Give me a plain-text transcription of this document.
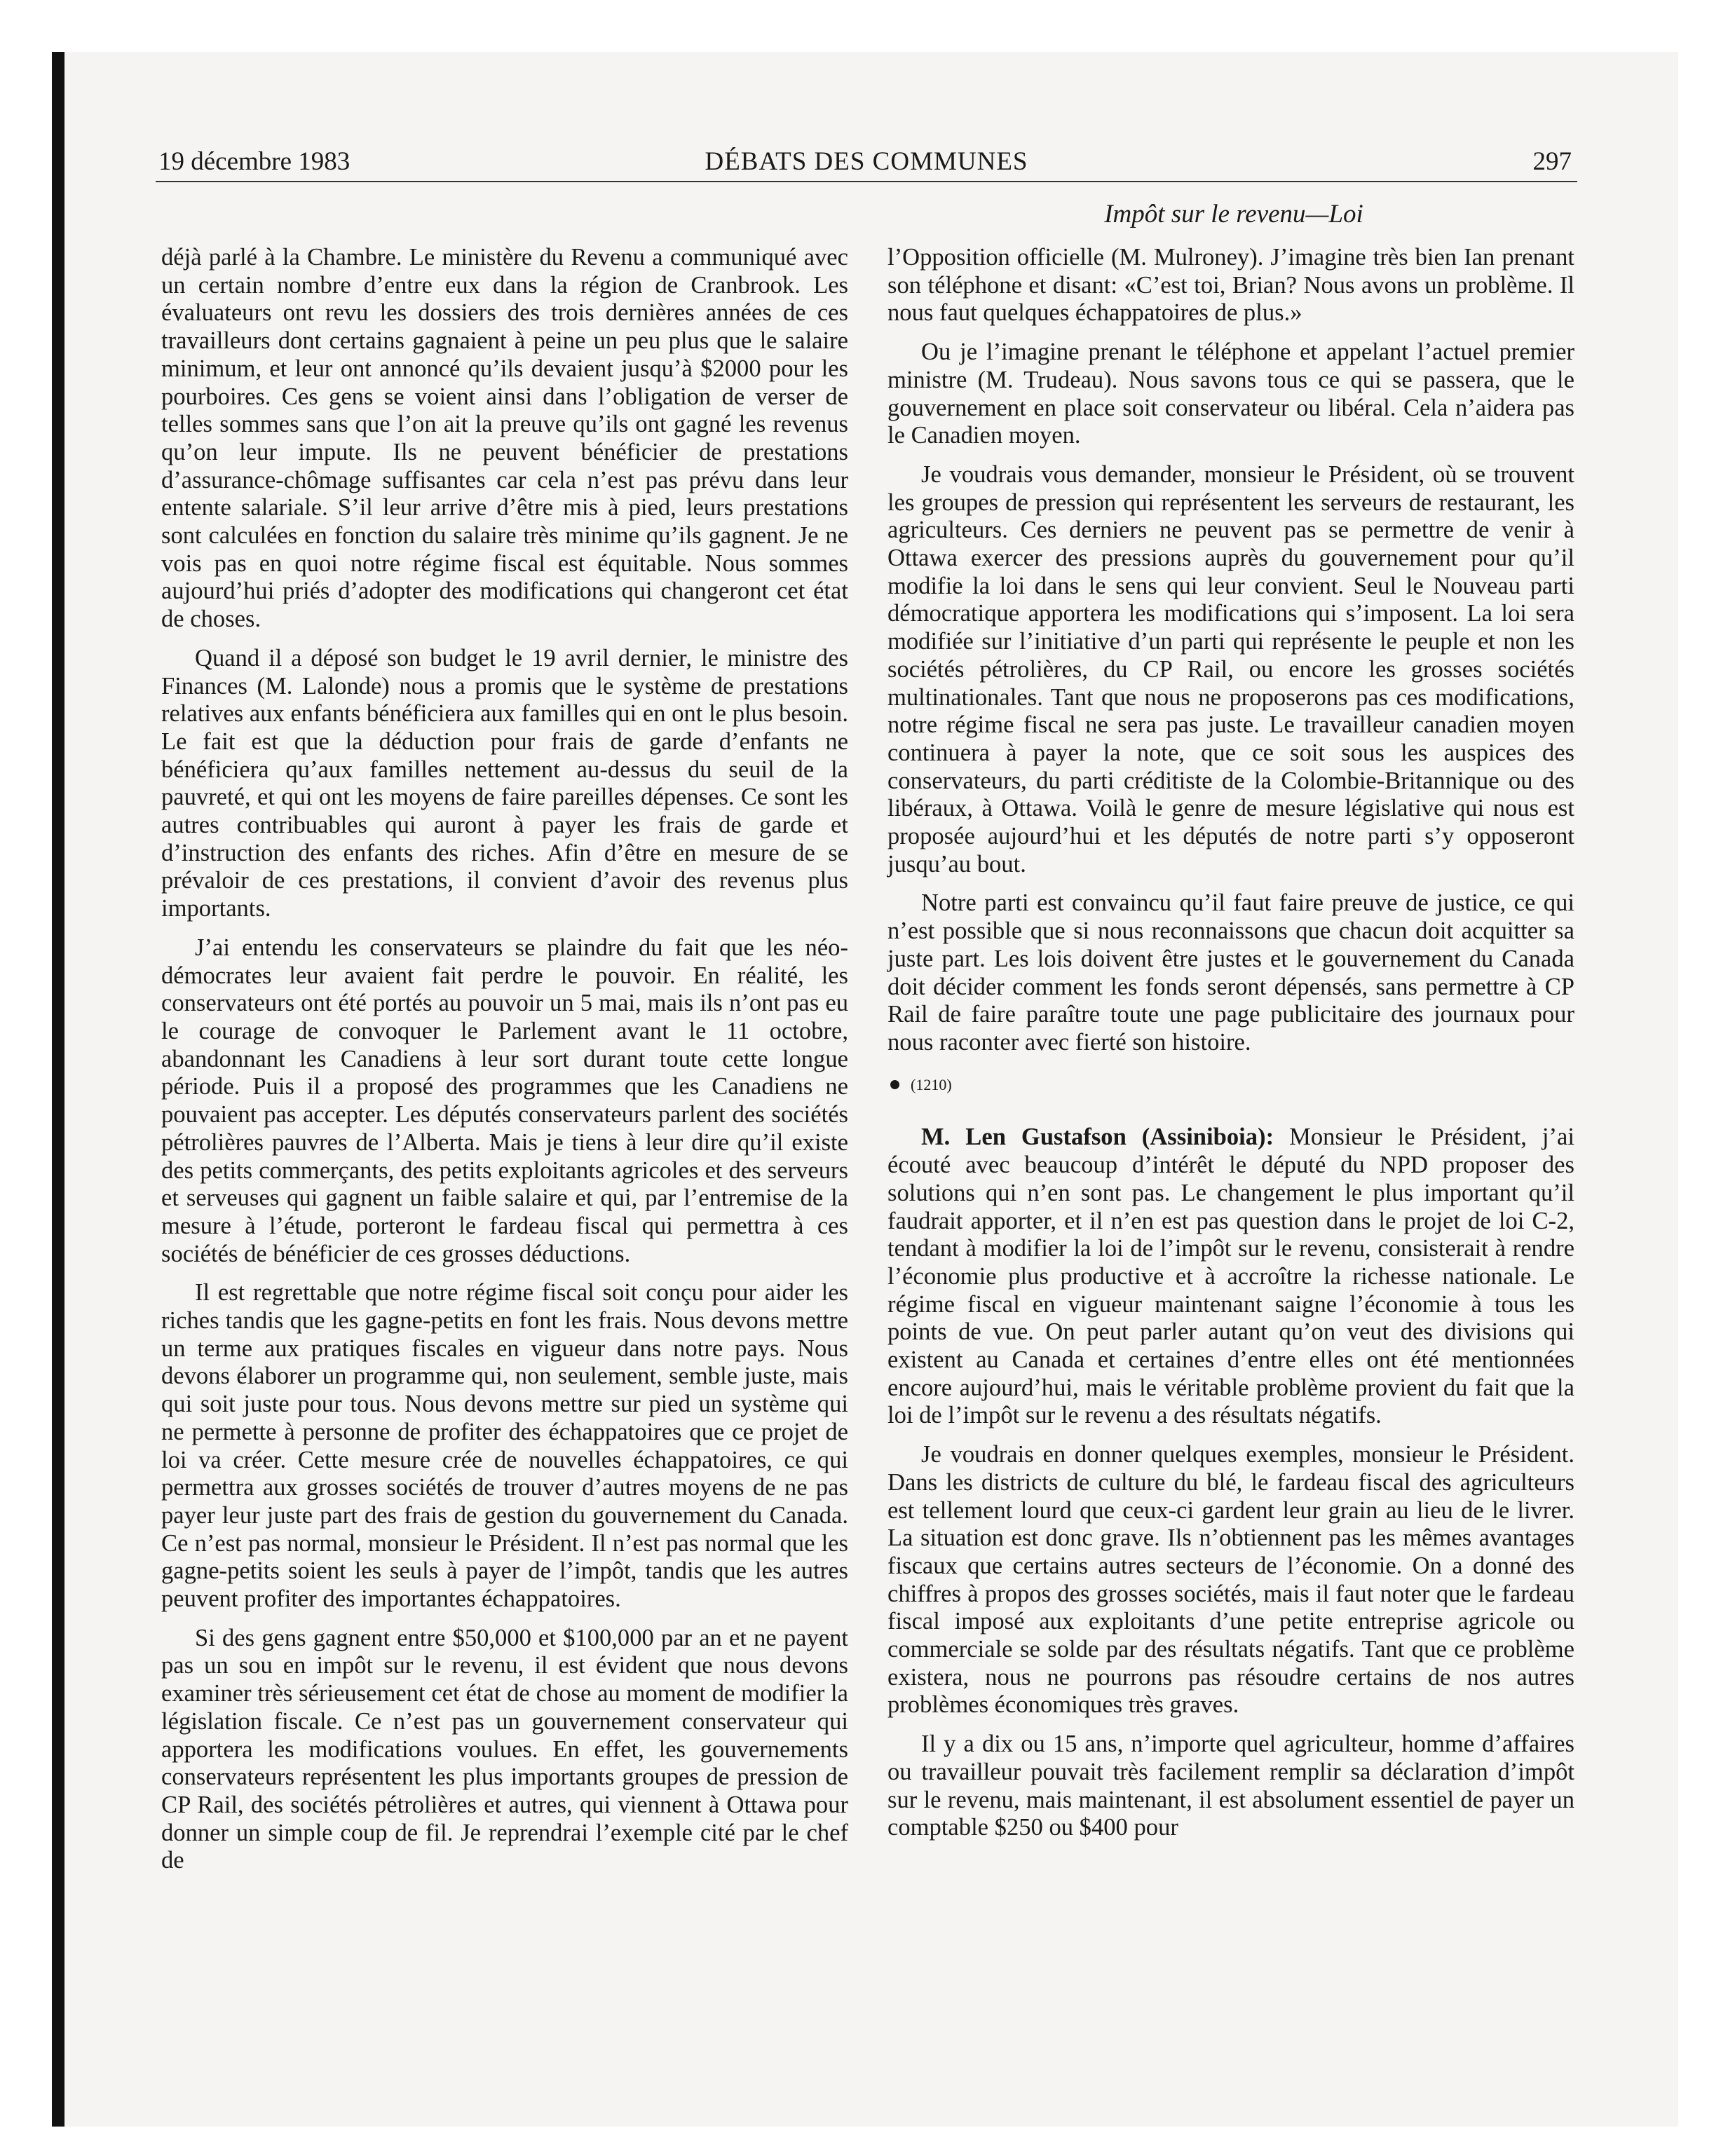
19 décembre 1983	DÉBATS DES COMMUNES	297
Impôt sur le revenu—Loi

déjà parlé à la Chambre. Le ministère du Revenu a communiqué avec un certain nombre d’entre eux dans la région de Cranbrook. Les évaluateurs ont revu les dossiers des trois dernières années de ces travailleurs dont certains gagnaient à peine un peu plus que le salaire minimum, et leur ont annoncé qu’ils devaient jusqu’à $2000 pour les pourboires. Ces gens se voient ainsi dans l’obligation de verser de telles sommes sans que l’on ait la preuve qu’ils ont gagné les revenus qu’on leur impute. Ils ne peuvent bénéficier de prestations d’assurance-chômage suffisantes car cela n’est pas prévu dans leur entente salariale. S’il leur arrive d’être mis à pied, leurs prestations sont calculées en fonction du salaire très minime qu’ils gagnent. Je ne vois pas en quoi notre régime fiscal est équitable. Nous sommes aujourd’hui priés d’adopter des modifications qui changeront cet état de choses.

Quand il a déposé son budget le 19 avril dernier, le ministre des Finances (M. Lalonde) nous a promis que le système de prestations relatives aux enfants bénéficiera aux familles qui en ont le plus besoin. Le fait est que la déduction pour frais de garde d’enfants ne bénéficiera qu’aux familles nettement au-dessus du seuil de la pauvreté, et qui ont les moyens de faire pareilles dépenses. Ce sont les autres contribuables qui auront à payer les frais de garde et d’instruction des enfants des riches. Afin d’être en mesure de se prévaloir de ces prestations, il convient d’avoir des revenus plus importants.

J’ai entendu les conservateurs se plaindre du fait que les néo-démocrates leur avaient fait perdre le pouvoir. En réalité, les conservateurs ont été portés au pouvoir un 5 mai, mais ils n’ont pas eu le courage de convoquer le Parlement avant le 11 octobre, abandonnant les Canadiens à leur sort durant toute cette longue période. Puis il a proposé des programmes que les Canadiens ne pouvaient pas accepter. Les députés conservateurs parlent des sociétés pétrolières pauvres de l’Alberta. Mais je tiens à leur dire qu’il existe des petits commerçants, des petits exploitants agricoles et des serveurs et serveuses qui gagnent un faible salaire et qui, par l’entremise de la mesure à l’étude, porteront le fardeau fiscal qui permettra à ces sociétés de bénéficier de ces grosses déductions.

Il est regrettable que notre régime fiscal soit conçu pour aider les riches tandis que les gagne-petits en font les frais. Nous devons mettre un terme aux pratiques fiscales en vigueur dans notre pays. Nous devons élaborer un programme qui, non seulement, semble juste, mais qui soit juste pour tous. Nous devons mettre sur pied un système qui ne permette à personne de profiter des échappatoires que ce projet de loi va créer. Cette mesure crée de nouvelles échappatoires, ce qui permettra aux grosses sociétés de trouver d’autres moyens de ne pas payer leur juste part des frais de gestion du gouvernement du Canada. Ce n’est pas normal, monsieur le Président. Il n’est pas normal que les gagne-petits soient les seuls à payer de l’impôt, tandis que les autres peuvent profiter des importantes échappatoires.

Si des gens gagnent entre $50,000 et $100,000 par an et ne payent pas un sou en impôt sur le revenu, il est évident que nous devons examiner très sérieusement cet état de chose au moment de modifier la législation fiscale. Ce n’est pas un gouvernement conservateur qui apportera les modifications voulues. En effet, les gouvernements conservateurs représentent les plus importants groupes de pression de CP Rail, des sociétés pétrolières et autres, qui viennent à Ottawa pour donner un simple coup de fil. Je reprendrai l’exemple cité par le chef de

l’Opposition officielle (M. Mulroney). J’imagine très bien Ian prenant son téléphone et disant: «C’est toi, Brian? Nous avons un problème. Il nous faut quelques échappatoires de plus.»

Ou je l’imagine prenant le téléphone et appelant l’actuel premier ministre (M. Trudeau). Nous savons tous ce qui se passera, que le gouvernement en place soit conservateur ou libéral. Cela n’aidera pas le Canadien moyen.

Je voudrais vous demander, monsieur le Président, où se trouvent les groupes de pression qui représentent les serveurs de restaurant, les agriculteurs. Ces derniers ne peuvent pas se permettre de venir à Ottawa exercer des pressions auprès du gouvernement pour qu’il modifie la loi dans le sens qui leur convient. Seul le Nouveau parti démocratique apportera les modifications qui s’imposent. La loi sera modifiée sur l’initiative d’un parti qui représente le peuple et non les sociétés pétrolières, du CP Rail, ou encore les grosses sociétés multinationales. Tant que nous ne proposerons pas ces modifications, notre régime fiscal ne sera pas juste. Le travailleur canadien moyen continuera à payer la note, que ce soit sous les auspices des conservateurs, du parti créditiste de la Colombie-Britannique ou des libéraux, à Ottawa. Voilà le genre de mesure législative qui nous est proposée aujourd’hui et les députés de notre parti s’y opposeront jusqu’au bout.

Notre parti est convaincu qu’il faut faire preuve de justice, ce qui n’est possible que si nous reconnaissons que chacun doit acquitter sa juste part. Les lois doivent être justes et le gouvernement du Canada doit décider comment les fonds seront dépensés, sans permettre à CP Rail de faire paraître toute une page publicitaire des journaux pour nous raconter avec fierté son histoire.

(1210)

M. Len Gustafson (Assiniboia): Monsieur le Président, j’ai écouté avec beaucoup d’intérêt le député du NPD proposer des solutions qui n’en sont pas. Le changement le plus important qu’il faudrait apporter, et il n’en est pas question dans le projet de loi C-2, tendant à modifier la loi de l’impôt sur le revenu, consisterait à rendre l’économie plus productive et à accroître la richesse nationale. Le régime fiscal en vigueur maintenant saigne l’économie à tous les points de vue. On peut parler autant qu’on veut des divisions qui existent au Canada et certaines d’entre elles ont été mentionnées encore aujourd’hui, mais le véritable problème provient du fait que la loi de l’impôt sur le revenu a des résultats négatifs.

Je voudrais en donner quelques exemples, monsieur le Président. Dans les districts de culture du blé, le fardeau fiscal des agriculteurs est tellement lourd que ceux-ci gardent leur grain au lieu de le livrer. La situation est donc grave. Ils n’obtiennent pas les mêmes avantages fiscaux que certains autres secteurs de l’économie. On a donné des chiffres à propos des grosses sociétés, mais il faut noter que le fardeau fiscal imposé aux exploitants d’une petite entreprise agricole ou commerciale se solde par des résultats négatifs. Tant que ce problème existera, nous ne pourrons pas résoudre certains de nos autres problèmes économiques très graves.

Il y a dix ou 15 ans, n’importe quel agriculteur, homme d’affaires ou travailleur pouvait très facilement remplir sa déclaration d’impôt sur le revenu, mais maintenant, il est absolument essentiel de payer un comptable $250 ou $400 pour
